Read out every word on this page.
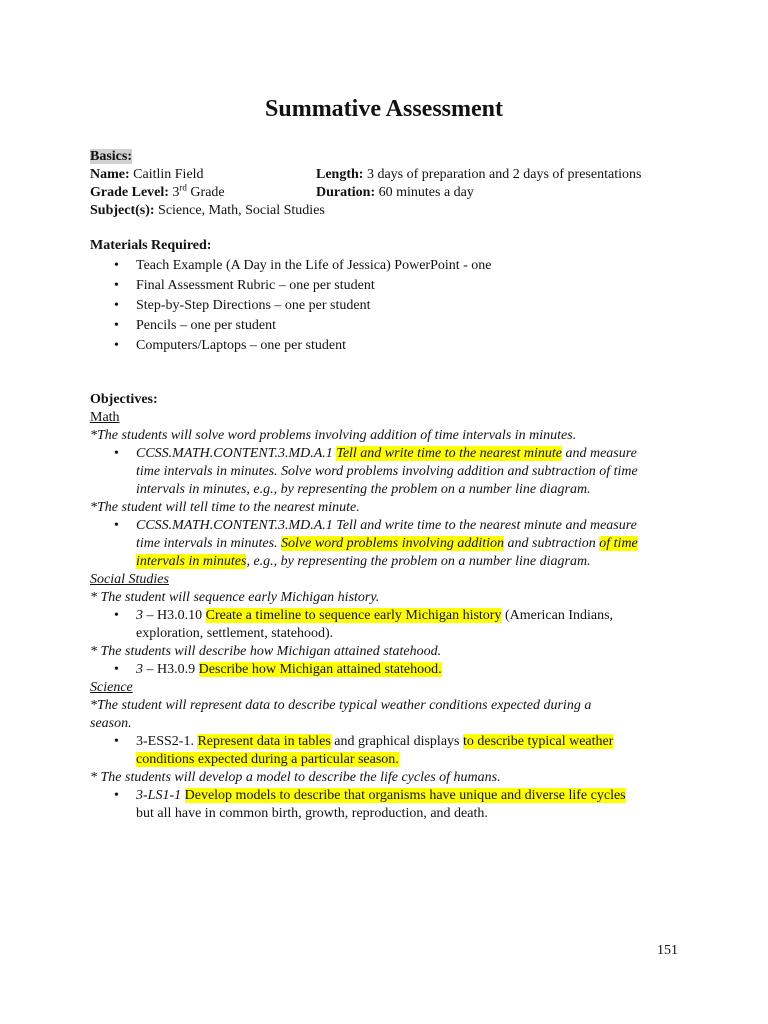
Summative Assessment
Basics:
Name: Caitlin Field	Length: 3 days of preparation and 2 days of presentations
Grade Level: 3rd Grade	Duration: 60 minutes a day
Subject(s): Science, Math, Social Studies
Materials Required:
• Teach Example (A Day in the Life of Jessica) PowerPoint - one
• Final Assessment Rubric – one per student
• Step-by-Step Directions – one per student
• Pencils – one per student
• Computers/Laptops – one per student
Objectives:
Math
*The students will solve word problems involving addition of time intervals in minutes.
• CCSS.MATH.CONTENT.3.MD.A.1 Tell and write time to the nearest minute and measure
time intervals in minutes. Solve word problems involving addition and subtraction of time
intervals in minutes, e.g., by representing the problem on a number line diagram.
*The student will tell time to the nearest minute.
• CCSS.MATH.CONTENT.3.MD.A.1 Tell and write time to the nearest minute and measure
time intervals in minutes. Solve word problems involving addition and subtraction of time
intervals in minutes, e.g., by representing the problem on a number line diagram.
Social Studies
* The student will sequence early Michigan history.
• 3 – H3.0.10 Create a timeline to sequence early Michigan history (American Indians,
exploration, settlement, statehood).
* The students will describe how Michigan attained statehood.
• 3 – H3.0.9 Describe how Michigan attained statehood.
Science
*The student will represent data to describe typical weather conditions expected during a
season.
• 3-ESS2-1. Represent data in tables and graphical displays to describe typical weather
conditions expected during a particular season.
* The students will develop a model to describe the life cycles of humans.
• 3-LS1-1 Develop models to describe that organisms have unique and diverse life cycles
but all have in common birth, growth, reproduction, and death.
151
